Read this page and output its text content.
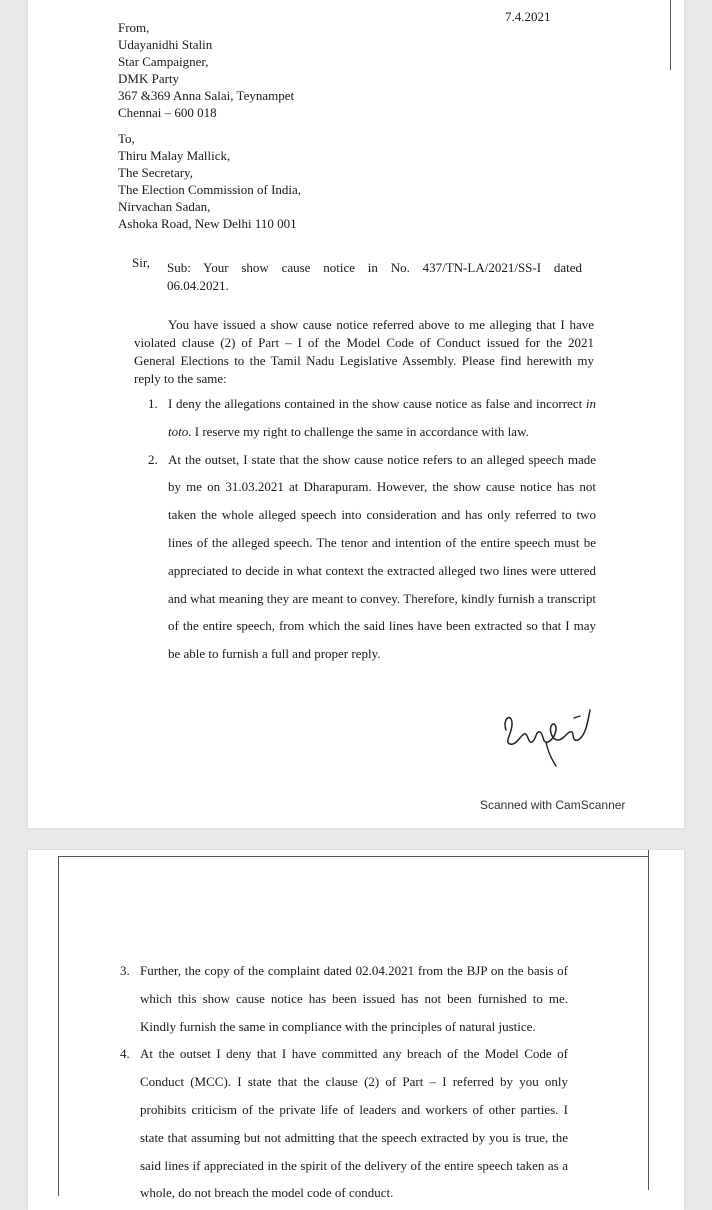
7.4.2021
From,
Udayanidhi Stalin
Star Campaigner,
DMK Party
367 &369 Anna Salai, Teynampet
Chennai – 600 018
To,
Thiru Malay Mallick,
The Secretary,
The Election Commission of India,
Nirvachan Sadan,
Ashoka Road, New Delhi 110 001
Sir, Sub: Your show cause notice in No. 437/TN-LA/2021/SS-I dated
06.04.2021.
You have issued a show cause notice referred above to me alleging that I have violated clause (2) of Part – I of the Model Code of Conduct issued for the 2021 General Elections to the Tamil Nadu Legislative Assembly. Please find herewith my reply to the same:
1. I deny the allegations contained in the show cause notice as false and incorrect in toto. I reserve my right to challenge the same in accordance with law.
2. At the outset, I state that the show cause notice refers to an alleged speech made by me on 31.03.2021 at Dharapuram. However, the show cause notice has not taken the whole alleged speech into consideration and has only referred to two lines of the alleged speech. The tenor and intention of the entire speech must be appreciated to decide in what context the extracted alleged two lines were uttered and what meaning they are meant to convey. Therefore, kindly furnish a transcript of the entire speech, from which the said lines have been extracted so that I may be able to furnish a full and proper reply.
Scanned with CamScanner
3. Further, the copy of the complaint dated 02.04.2021 from the BJP on the basis of which this show cause notice has been issued has not been furnished to me. Kindly furnish the same in compliance with the principles of natural justice.
4. At the outset I deny that I have committed any breach of the Model Code of Conduct (MCC). I state that the clause (2) of Part – I referred by you only prohibits criticism of the private life of leaders and workers of other parties. I state that assuming but not admitting that the speech extracted by you is true, the said lines if appreciated in the spirit of the delivery of the entire speech taken as a whole, do not breach the model code of conduct.
